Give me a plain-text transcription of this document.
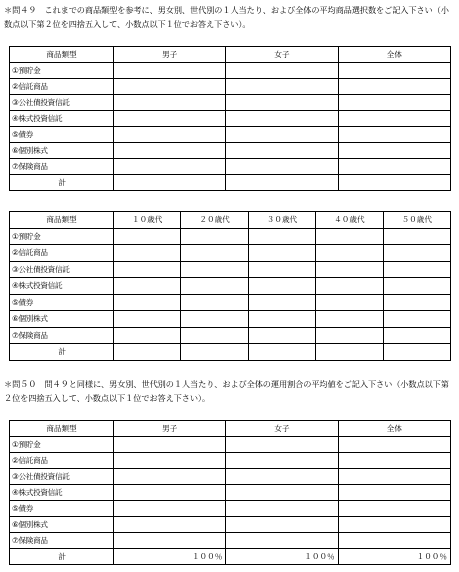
＊問４９　これまでの商品類型を参考に、男女別、世代別の１人当たり、および全体の平均商品選択数をご記入下さい（小数点以下第２位を四捨五入して、小数点以下１位でお答え下さい）。
商品類型	男子	女子	全体
①預貯金			
②信託商品			
③公社債投資信託			
④株式投資信託			
⑤債券			
⑥個別株式			
⑦保険商品			
計			
商品類型	１０歳代	２０歳代	３０歳代	４０歳代	５０歳代
①預貯金					
②信託商品					
③公社債投資信託					
④株式投資信託					
⑤債券					
⑥個別株式					
⑦保険商品					
計					
＊問５０　問４９と同様に、男女別、世代別の１人当たり、および全体の運用割合の平均値をご記入下さい（小数点以下第２位を四捨五入して、小数点以下１位でお答え下さい）。
商品類型	男子	女子	全体
①預貯金			
②信託商品			
③公社債投資信託			
④株式投資信託			
⑤債券			
⑥個別株式			
⑦保険商品			
計	１００％	１００％	１００％
